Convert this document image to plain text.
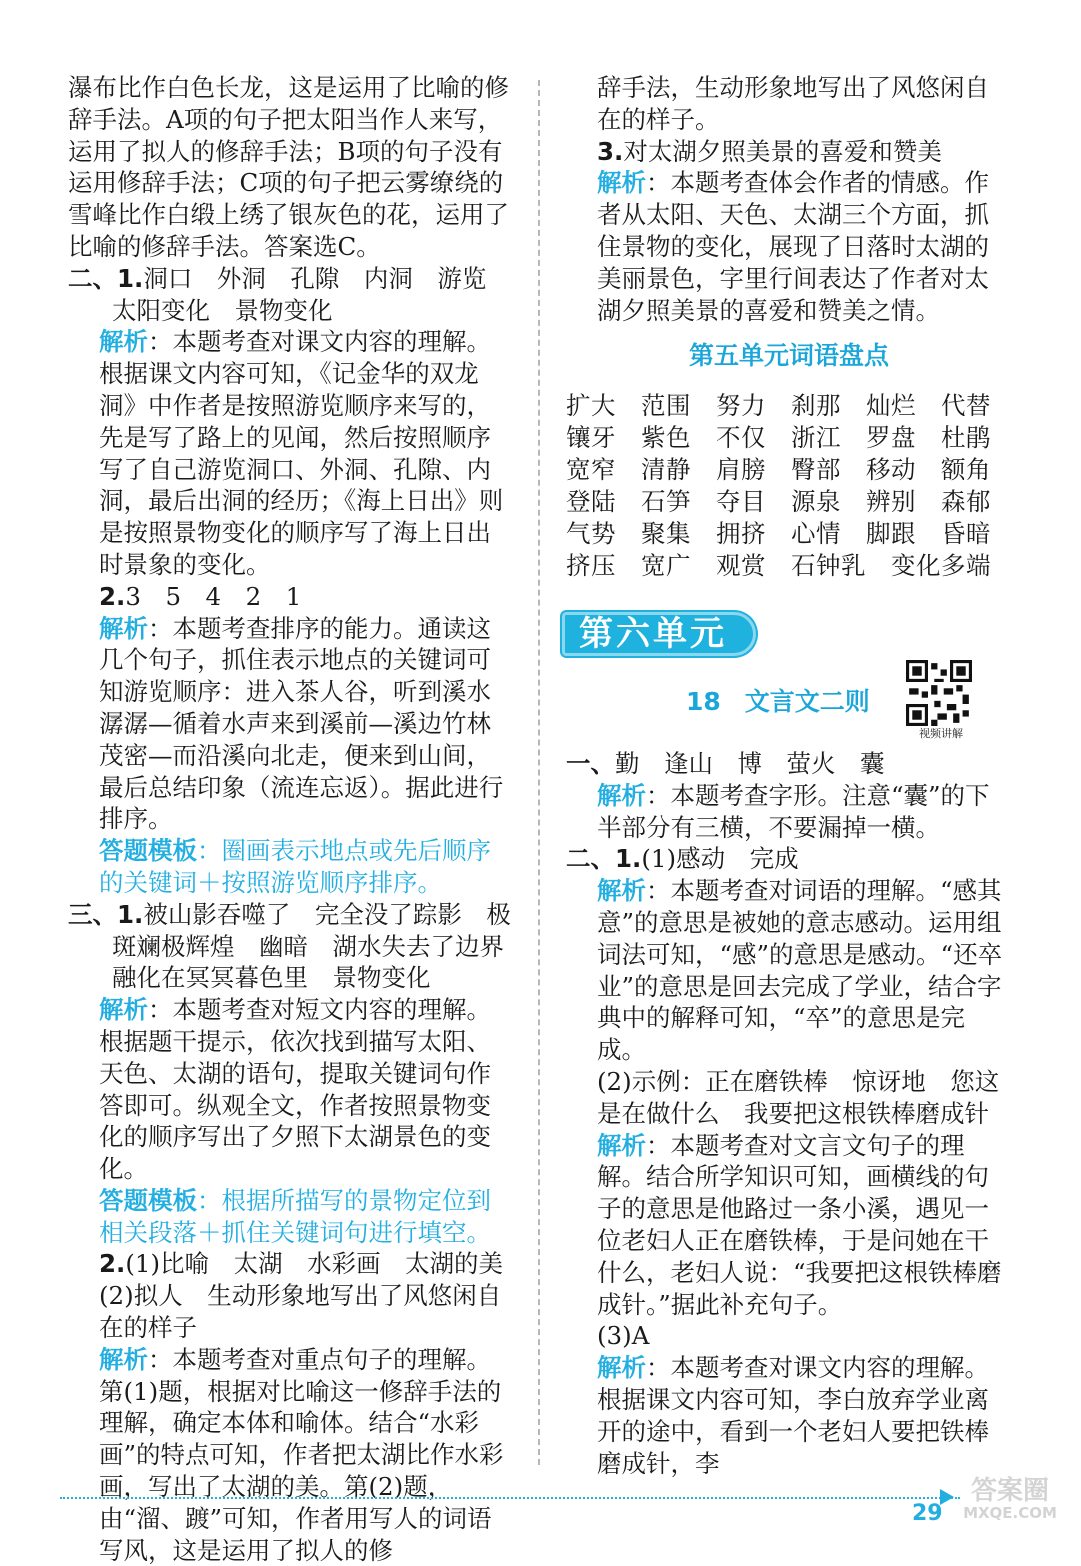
瀑布比作白色长龙，这是运用了比喻的修辞手法。A项的句子把太阳当作人来写，运用了拟人的修辞手法；B项的句子没有运用修辞手法；C项的句子把云雾缭绕的雪峰比作白缎上绣了银灰色的花，运用了比喻的修辞手法。答案选C。

二、1.洞口　外洞　孔隙　内洞　游览　太阳变化　景物变化

解析：本题考查对课文内容的理解。根据课文内容可知，《记金华的双龙洞》中作者是按照游览顺序来写的，先是写了路上的见闻，然后按照顺序写了自己游览洞口、外洞、孔隙、内洞，最后出洞的经历；《海上日出》则是按照景物变化的顺序写了海上日出时景象的变化。

2.3　5　4　2　1

解析：本题考查排序的能力。通读这几个句子，抓住表示地点的关键词可知游览顺序：进入茶人谷，听到溪水潺潺—循着水声来到溪前—溪边竹林茂密—而沿溪向北走，便来到山间，最后总结印象（流连忘返）。据此进行排序。

答题模板：圈画表示地点或先后顺序的关键词＋按照游览顺序排序。

三、1.被山影吞噬了　完全没了踪影　极斑斓极辉煌　幽暗　湖水失去了边界　融化在冥冥暮色里　景物变化

解析：本题考查对短文内容的理解。根据题干提示，依次找到描写太阳、天色、太湖的语句，提取关键词句作答即可。纵观全文，作者按照景物变化的顺序写出了夕照下太湖景色的变化。

答题模板：根据所描写的景物定位到相关段落＋抓住关键词句进行填空。

2.(1)比喻　太湖　水彩画　太湖的美

(2)拟人　生动形象地写出了风悠闲自在的样子

解析：本题考查对重点句子的理解。第(1)题，根据对比喻这一修辞手法的理解，确定本体和喻体。结合“水彩画”的特点可知，作者把太湖比作水彩画，写出了太湖的美。第(2)题，由“溜、踱”可知，作者用写人的词语写风，这是运用了拟人的修

辞手法，生动形象地写出了风悠闲自在的样子。

3.对太湖夕照美景的喜爱和赞美

解析：本题考查体会作者的情感。作者从太阳、天色、太湖三个方面，抓住景物的变化，展现了日落时太湖的美丽景色，字里行间表达了作者对太湖夕照美景的喜爱和赞美之情。

第五单元词语盘点

扩大　范围　努力　刹那　灿烂　代替　镶牙　紫色　不仅　浙江　罗盘　杜鹃　宽窄　清静　肩膀　臀部　移动　额角　登陆　石笋　夺目　源泉　辨别　森郁　气势　聚集　拥挤　心情　脚跟　昏暗　挤压　宽广　观赏　石钟乳　变化多端

第六单元
18 文言文二则
视频讲解

一、勤　逢山　博　萤火　囊

解析：本题考查字形。注意“囊”的下半部分有三横，不要漏掉一横。

二、1.(1)感动　完成

解析：本题考查对词语的理解。“感其意”的意思是被她的意志感动。运用组词法可知，“感”的意思是感动。“还卒业”的意思是回去完成了学业，结合字典中的解释可知，“卒”的意思是完成。

(2)示例：正在磨铁棒　惊讶地　您这是在做什么　我要把这根铁棒磨成针

解析：本题考查对文言文句子的理解。结合所学知识可知，画横线的句子的意思是他路过一条小溪，遇见一位老妇人正在磨铁棒，于是问她在干什么，老妇人说：“我要把这根铁棒磨成针。”据此补充句子。

(3)A

解析：本题考查对课文内容的理解。根据课文内容可知，李白放弃学业离开的途中，看到一个老妇人要把铁棒磨成针，李

29
答案圈
MXQE.COM
